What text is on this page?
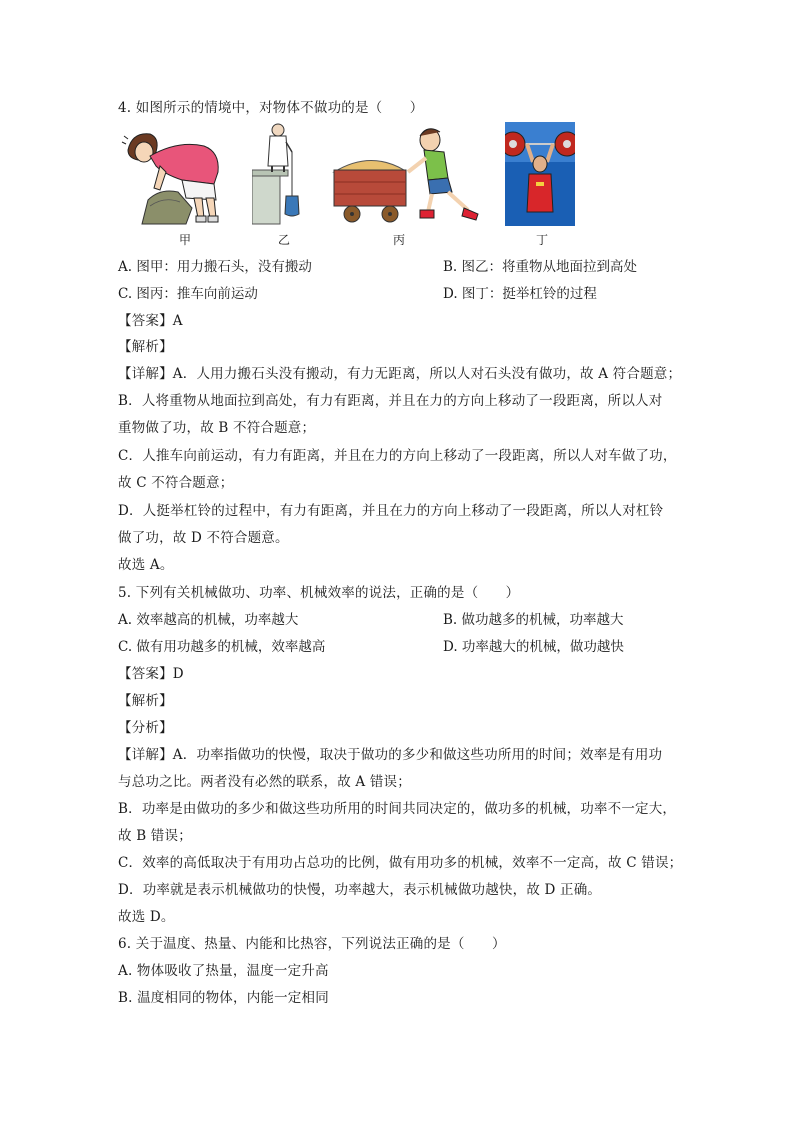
4. 如图所示的情境中，对物体不做功的是（　　）
甲	乙	丙	丁
A. 图甲：用力搬石头，没有搬动	B. 图乙：将重物从地面拉到高处
C. 图丙：推车向前运动	D. 图丁：挺举杠铃的过程
【答案】A
【解析】
【详解】A．人用力搬石头没有搬动，有力无距离，所以人对石头没有做功，故 A 符合题意；
B．人将重物从地面拉到高处，有力有距离，并且在力的方向上移动了一段距离，所以人对
重物做了功，故 B 不符合题意；
C．人推车向前运动，有力有距离，并且在力的方向上移动了一段距离，所以人对车做了功，
故 C 不符合题意；
D．人挺举杠铃的过程中，有力有距离，并且在力的方向上移动了一段距离，所以人对杠铃
做了功，故 D 不符合题意。
故选 A。
5. 下列有关机械做功、功率、机械效率的说法，正确的是（　　）
A. 效率越高的机械，功率越大	B. 做功越多的机械，功率越大
C. 做有用功越多的机械，效率越高	D. 功率越大的机械，做功越快
【答案】D
【解析】
【分析】
【详解】A．功率指做功的快慢，取决于做功的多少和做这些功所用的时间；效率是有用功
与总功之比。两者没有必然的联系，故 A 错误；
B．功率是由做功的多少和做这些功所用的时间共同决定的，做功多的机械，功率不一定大，
故 B 错误；
C．效率的高低取决于有用功占总功的比例，做有用功多的机械，效率不一定高，故 C 错误；
D．功率就是表示机械做功的快慢，功率越大，表示机械做功越快，故 D 正确。
故选 D。
6. 关于温度、热量、内能和比热容，下列说法正确的是（　　）
A. 物体吸收了热量，温度一定升高
B. 温度相同的物体，内能一定相同
